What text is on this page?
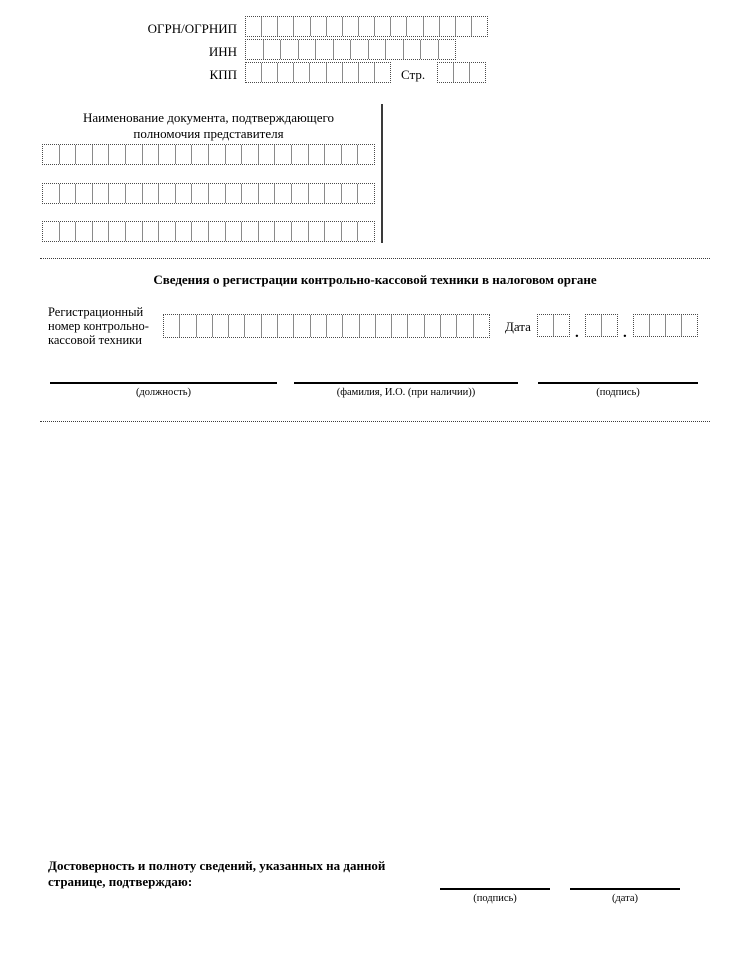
ОГРН/ОГРНИП
ИНН
КПП	Стр.
Наименование документа, подтверждающего
полномочия представителя
Сведения о регистрации контрольно-кассовой техники в налоговом органе
Регистрационный
номер контрольно-
кассовой техники
Дата	.	.
(должность)	(фамилия, И.О. (при наличии))	(подпись)
Достоверность и полноту сведений, указанных на данной
странице, подтверждаю:
(подпись)	(дата)
